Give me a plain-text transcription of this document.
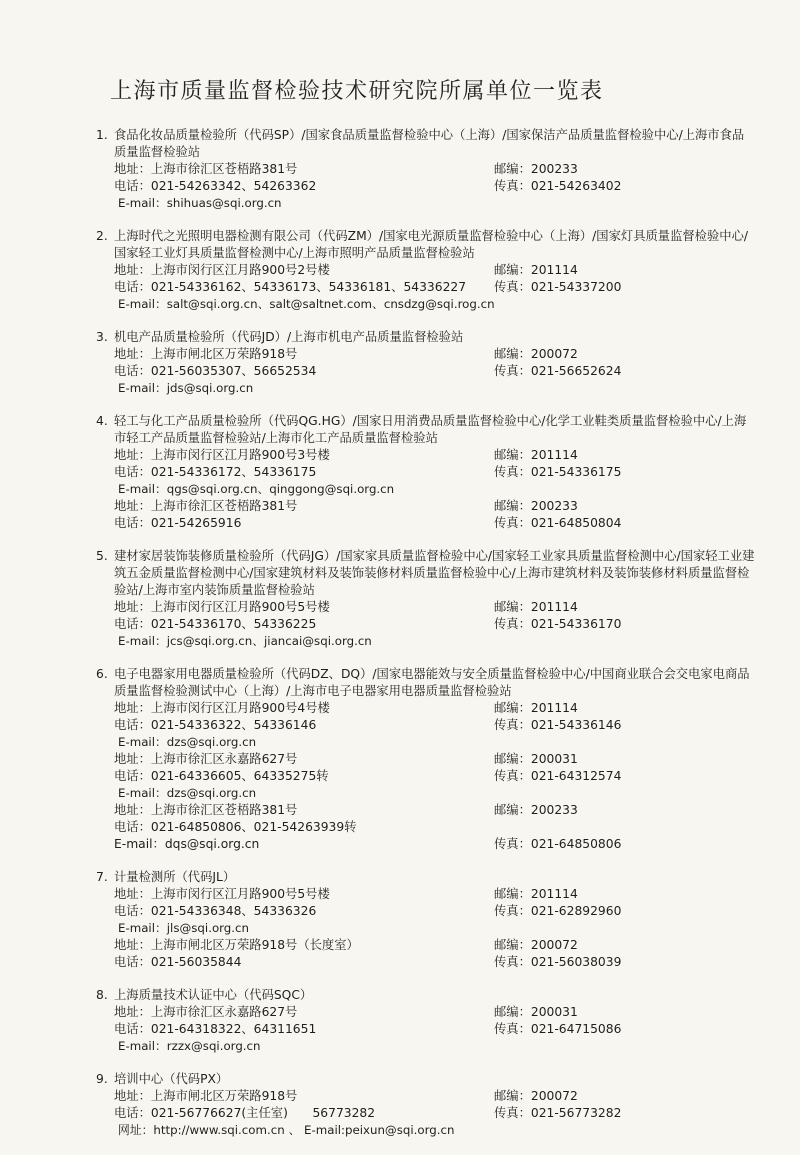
上海市质量监督检验技术研究院所属单位一览表
1. 食品化妆品质量检验所（代码SP）/国家食品质量监督检验中心（上海）/国家保洁产品质量监督检验中心/上海市食品质量监督检验站
地址：上海市徐汇区苍梧路381号	邮编：200233
电话：021-54263342、54263362	传真：021-54263402
E-mail：shihuas@sqi.org.cn
2. 上海时代之光照明电器检测有限公司（代码ZM）/国家电光源质量监督检验中心（上海）/国家灯具质量监督检验中心/国家轻工业灯具质量监督检测中心/上海市照明产品质量监督检验站
地址：上海市闵行区江月路900号2号楼	邮编：201114
电话：021-54336162、54336173、54336181、54336227	传真：021-54337200
E-mail：salt@sqi.org.cn、salt@saltnet.com、cnsdzg@sqi.rog.cn
3. 机电产品质量检验所（代码JD）/上海市机电产品质量监督检验站
地址：上海市闸北区万荣路918号	邮编：200072
电话：021-56035307、56652534	传真：021-56652624
E-mail：jds@sqi.org.cn
4. 轻工与化工产品质量检验所（代码QG.HG）/国家日用消费品质量监督检验中心/化学工业鞋类质量监督检验中心/上海市轻工产品质量监督检验站/上海市化工产品质量监督检验站
地址：上海市闵行区江月路900号3号楼	邮编：201114
电话：021-54336172、54336175	传真：021-54336175
E-mail：qgs@sqi.org.cn、qinggong@sqi.org.cn
地址：上海市徐汇区苍梧路381号	邮编：200233
电话：021-54265916	传真：021-64850804
5. 建材家居装饰装修质量检验所（代码JG）/国家家具质量监督检验中心/国家轻工业家具质量监督检测中心/国家轻工业建筑五金质量监督检测中心/国家建筑材料及装饰装修材料质量监督检验中心/上海市建筑材料及装饰装修材料质量监督检验站/上海市室内装饰质量监督检验站
地址：上海市闵行区江月路900号5号楼	邮编：201114
电话：021-54336170、54336225	传真：021-54336170
E-mail：jcs@sqi.org.cn、jiancai@sqi.org.cn
6. 电子电器家用电器质量检验所（代码DZ、DQ）/国家电器能效与安全质量监督检验中心/中国商业联合会交电家电商品质量监督检验测试中心（上海）/上海市电子电器家用电器质量监督检验站
地址：上海市闵行区江月路900号4号楼	邮编：201114
电话：021-54336322、54336146	传真：021-54336146
E-mail：dzs@sqi.org.cn
地址：上海市徐汇区永嘉路627号	邮编：200031
电话：021-64336605、64335275转	传真：021-64312574
E-mail：dzs@sqi.org.cn
地址：上海市徐汇区苍梧路381号	邮编：200233
电话：021-64850806、021-54263939转
E-mail：dqs@sqi.org.cn	传真：021-64850806
7. 计量检测所（代码JL）
地址：上海市闵行区江月路900号5号楼	邮编：201114
电话：021-54336348、54336326	传真：021-62892960
E-mail：jls@sqi.org.cn
地址：上海市闸北区万荣路918号（长度室）	邮编：200072
电话：021-56035844	传真：021-56038039
8. 上海质量技术认证中心（代码SQC）
地址：上海市徐汇区永嘉路627号	邮编：200031
电话：021-64318322、64311651	传真：021-64715086
E-mail：rzzx@sqi.org.cn
9. 培训中心（代码PX）
地址：上海市闸北区万荣路918号	邮编：200072
电话：021-56776627(主任室)　　56773282	传真：021-56773282
网址：http://www.sqi.com.cn 、 E-mail:peixun@sqi.org.cn
